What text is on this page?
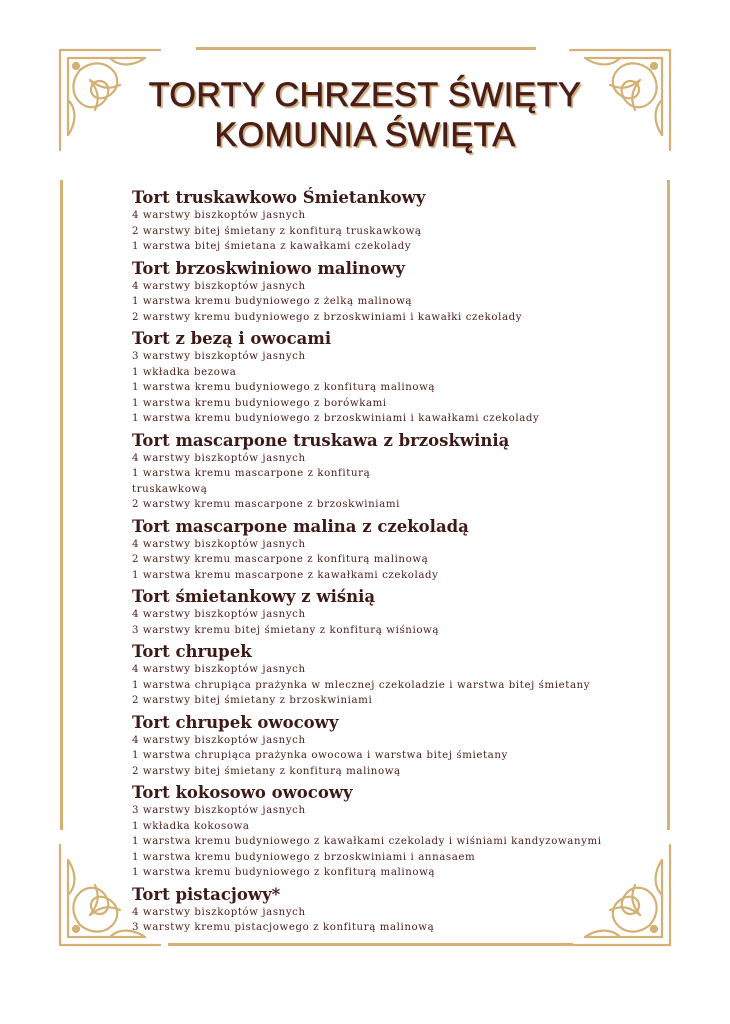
TORTY CHRZEST ŚWIĘTY
KOMUNIA ŚWIĘTA
Tort truskawkowo Śmietankowy
4 warstwy biszkoptów jasnych
2 warstwy bitej śmietany z konfiturą truskawkową
1 warstwa bitej śmietana z kawałkami czekolady
Tort brzoskwiniowo malinowy
4 warstwy biszkoptów jasnych
1 warstwa kremu budyniowego z żelką malinową
2 warstwy kremu budyniowego z brzoskwiniami i kawałki czekolady
Tort z bezą i owocami
3 warstwy biszkoptów jasnych
1 wkładka bezowa
1 warstwa kremu budyniowego z konfiturą malinową
1 warstwa kremu budyniowego z borówkami
1 warstwa kremu budyniowego z brzoskwiniami i kawałkami czekolady
Tort mascarpone truskawa z brzoskwinią
4 warstwy biszkoptów jasnych
1 warstwa kremu mascarpone z konfiturą
truskawkową
2 warstwy kremu mascarpone z brzoskwiniami
Tort mascarpone malina z czekoladą
4 warstwy biszkoptów jasnych
2 warstwy kremu mascarpone z konfiturą malinową
1 warstwa kremu mascarpone z kawałkami czekolady
Tort śmietankowy z wiśnią
4 warstwy biszkoptów jasnych
3 warstwy kremu bitej śmietany z konfiturą wiśniową
Tort chrupek
4 warstwy biszkoptów jasnych
1 warstwa chrupiąca prażynka w mlecznej czekoladzie i warstwa bitej śmietany
2 warstwy bitej śmietany z brzoskwiniami
Tort chrupek owocowy
4 warstwy biszkoptów jasnych
1 warstwa chrupiąca prażynka owocowa i warstwa bitej śmietany
2 warstwy bitej śmietany z konfiturą malinową
Tort kokosowo owocowy
3 warstwy biszkoptów jasnych
1 wkładka kokosowa
1 warstwa kremu budyniowego z kawałkami czekolady i wiśniami kandyzowanymi
1 warstwa kremu budyniowego z brzoskwiniami i annasaem
1 warstwa kremu budyniowego z konfiturą malinową
Tort pistacjowy*
4 warstwy biszkoptów jasnych
3 warstwy kremu pistacjowego z konfiturą malinową
